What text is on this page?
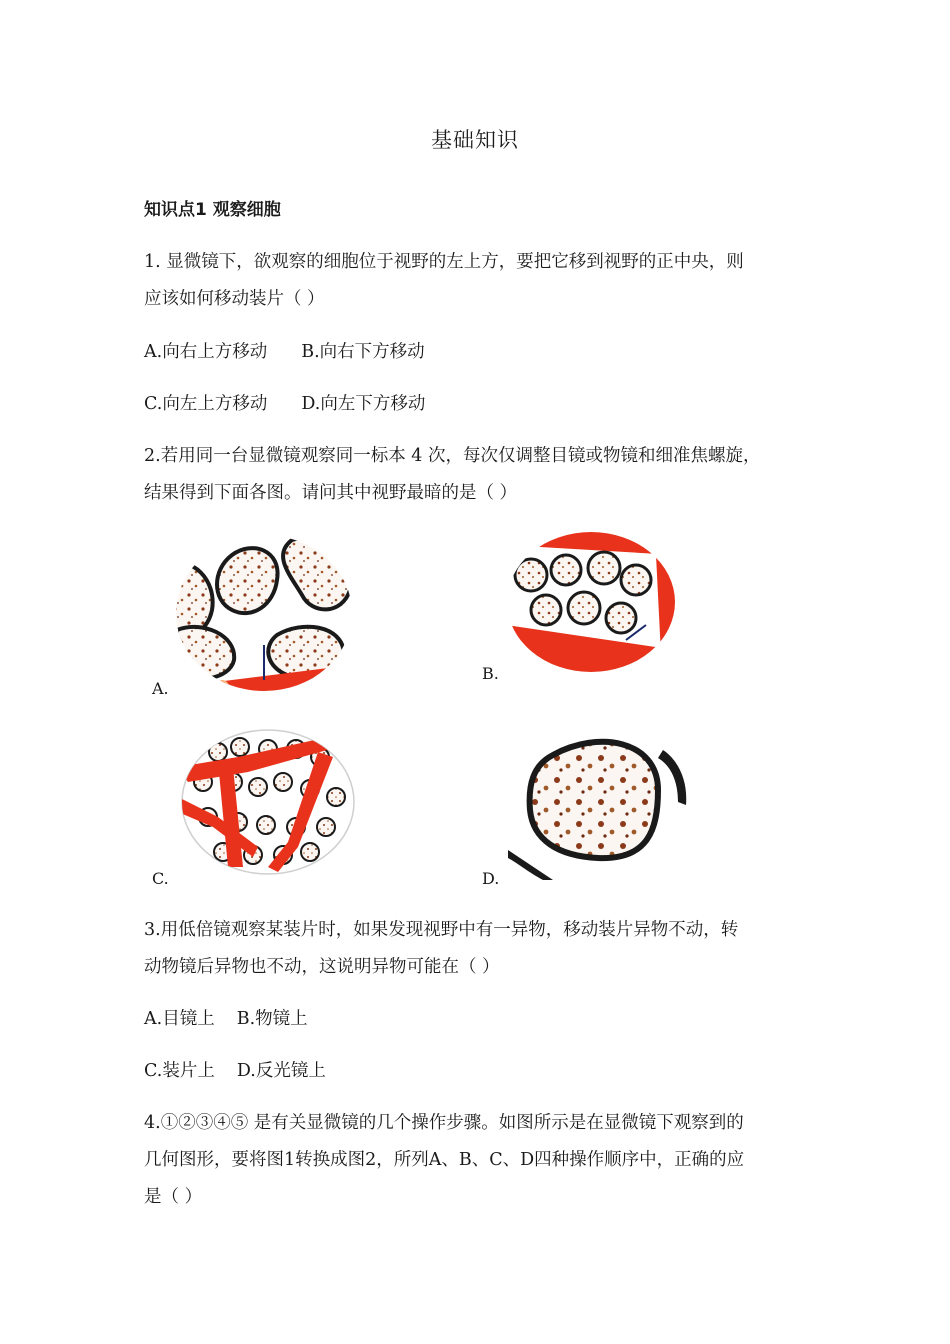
基础知识
知识点1 观察细胞
1. 显微镜下，欲观察的细胞位于视野的左上方，要把它移到视野的正中央，则
应该如何移动装片（ ）
A.向右上方移动 B.向右下方移动
C.向左上方移动 D.向左下方移动
2.若用同一台显微镜观察同一标本 4 次，每次仅调整目镜或物镜和细准焦螺旋，
结果得到下面各图。请问其中视野最暗的是（ ）
A.
B.
C.	D.
3.用低倍镜观察某装片时，如果发现视野中有一异物，移动装片异物不动，转
动物镜后异物也不动，这说明异物可能在（ ）
A.目镜上 B.物镜上
C.装片上 D.反光镜上
4.①②③④⑤ 是有关显微镜的几个操作步骤。如图所示是在显微镜下观察到的
几何图形，要将图1转换成图2，所列A、B、C、D四种操作顺序中，正确的应
是（ ）
